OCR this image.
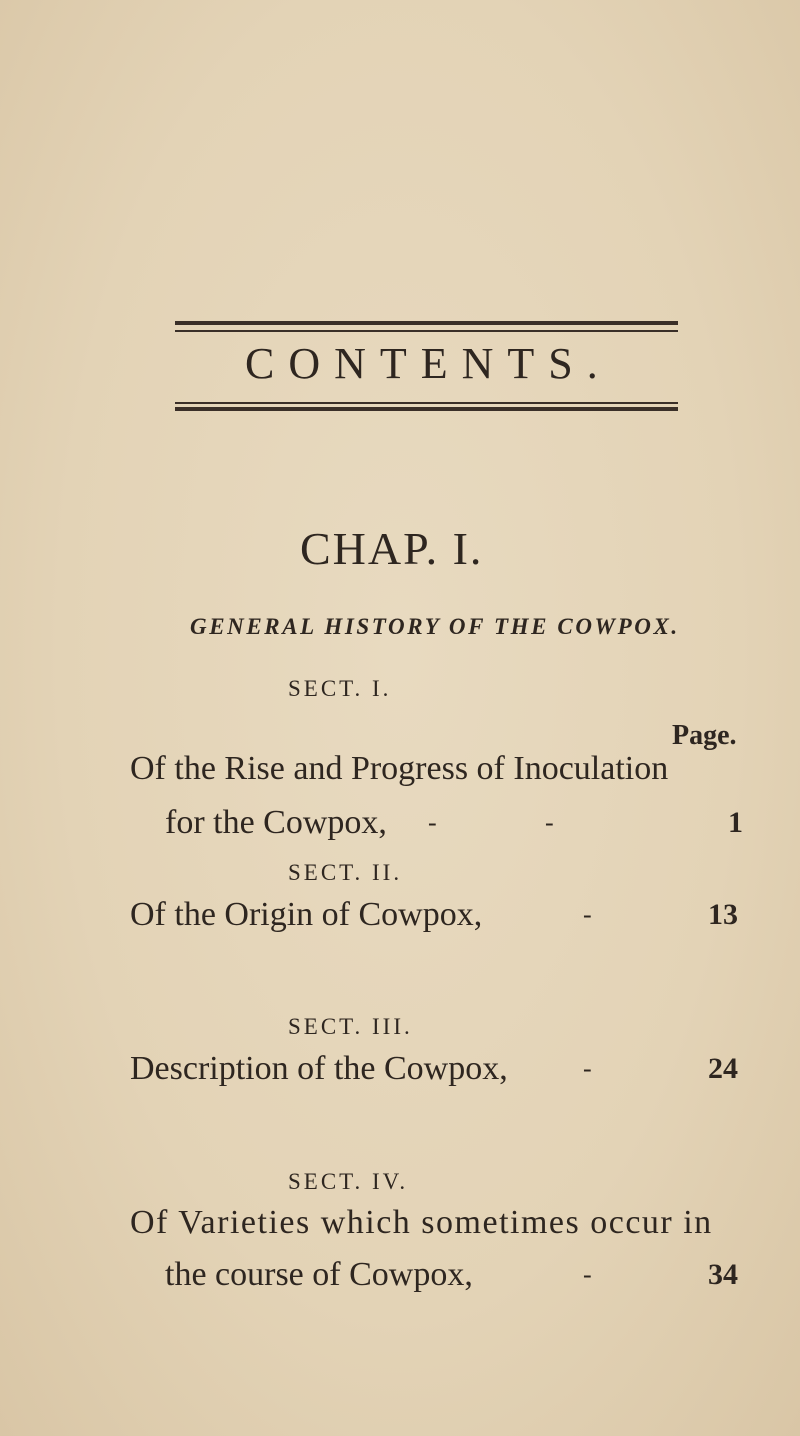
CONTENTS.
CHAP. I.
GENERAL HISTORY OF THE COWPOX.
SECT. I.
Page.
Of the Rise and Progress of Inoculation
for the Cowpox, -	-	1
SECT. II.
Of the Origin of Cowpox,	-	13
SECT. III.
Description of the Cowpox,	-	24
SECT. IV.
Of Varieties which sometimes occur in
the course of Cowpox,	-	34
